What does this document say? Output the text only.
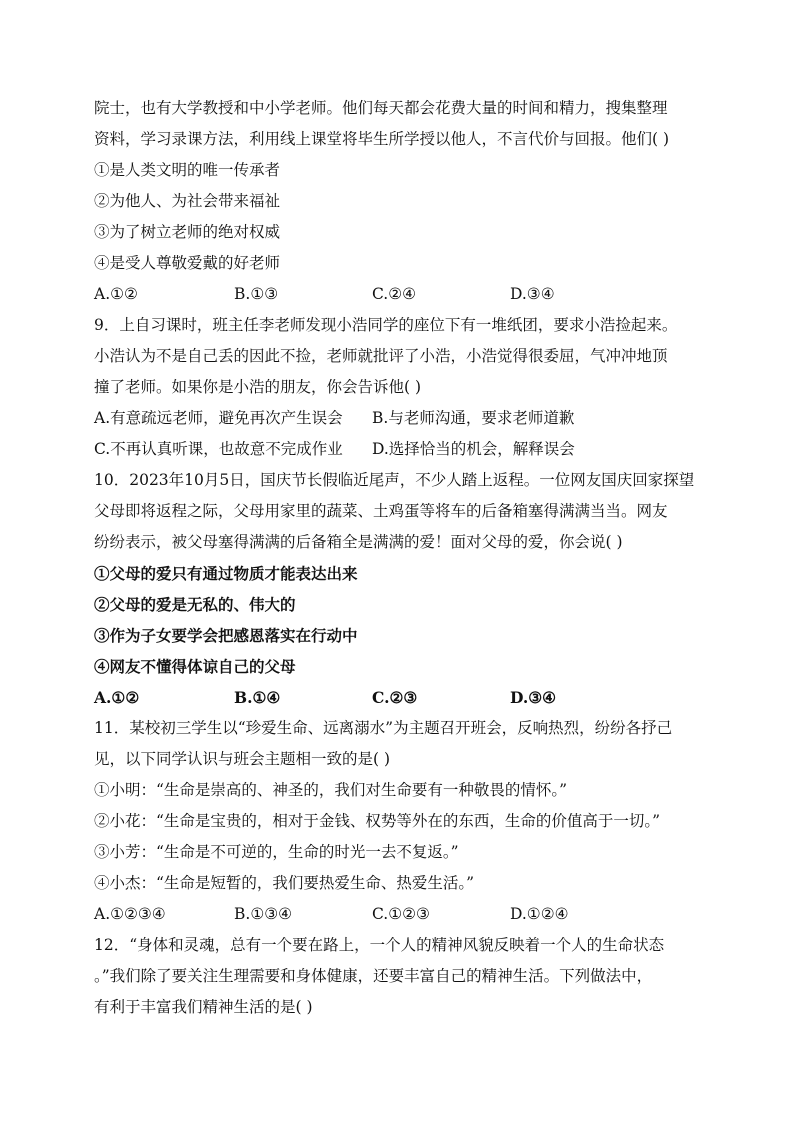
院士，也有大学教授和中小学老师。他们每天都会花费大量的时间和精力，搜集整理
资料，学习录课方法，利用线上课堂将毕生所学授以他人，不言代价与回报。他们( )
①是人类文明的唯一传承者
②为他人、为社会带来福祉
③为了树立老师的绝对权威
④是受人尊敬爱戴的好老师
A.①②	B.①③	C.②④	D.③④
9．上自习课时，班主任李老师发现小浩同学的座位下有一堆纸团，要求小浩捡起来。
小浩认为不是自己丢的因此不捡，老师就批评了小浩，小浩觉得很委屈，气冲冲地顶
撞了老师。如果你是小浩的朋友，你会告诉他( )
A.有意疏远老师，避免再次产生误会 B.与老师沟通，要求老师道歉
C.不再认真听课，也故意不完成作业 D.选择恰当的机会，解释误会
10．2023年10月5日，国庆节长假临近尾声，不少人踏上返程。一位网友国庆回家探望
父母即将返程之际，父母用家里的蔬菜、土鸡蛋等将车的后备箱塞得满满当当。网友
纷纷表示，被父母塞得满满的后备箱全是满满的爱！面对父母的爱，你会说( )
①父母的爱只有通过物质才能表达出来
②父母的爱是无私的、伟大的
③作为子女要学会把感恩落实在行动中
④网友不懂得体谅自己的父母
A.①②	B.①④	C.②③	D.③④
11．某校初三学生以“珍爱生命、远离溺水”为主题召开班会，反响热烈，纷纷各抒己
见，以下同学认识与班会主题相一致的是( )
①小明：“生命是崇高的、神圣的，我们对生命要有一种敬畏的情怀。”
②小花：“生命是宝贵的，相对于金钱、权势等外在的东西，生命的价值高于一切。”
③小芳：“生命是不可逆的，生命的时光一去不复返。”
④小杰：“生命是短暂的，我们要热爱生命、热爱生活。”
A.①②③④	B.①③④	C.①②③	D.①②④
12．“身体和灵魂，总有一个要在路上，一个人的精神风貌反映着一个人的生命状态
。”我们除了要关注生理需要和身体健康，还要丰富自己的精神生活。下列做法中，
有利于丰富我们精神生活的是( )
